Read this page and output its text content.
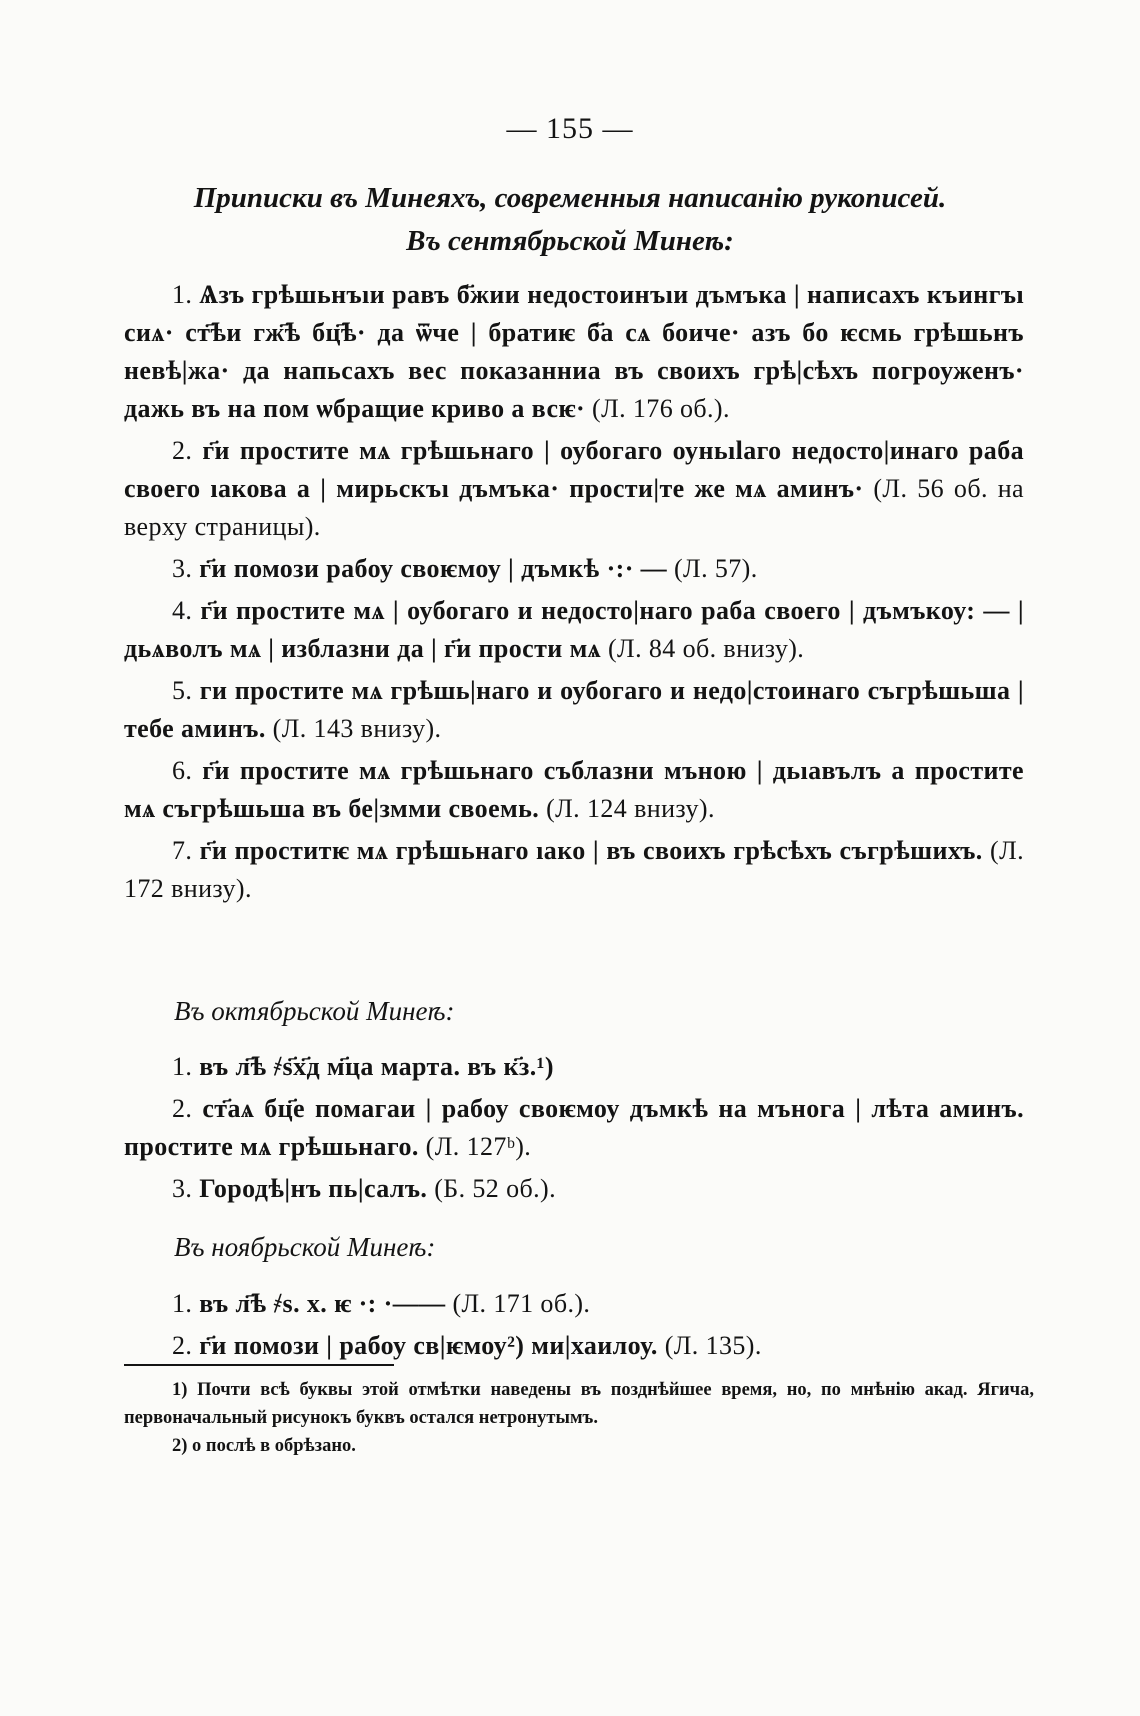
— 155 —
Приписки въ Минеяхъ, современныя написанію рукописей.
Въ сентябрьской Минеѣ:

1. Ѧзъ грѣшьнъıи равъ б҃жии недостоинъıи дъмъка | написахъ къингъı сиѧ· ст҃ѣи гж҃ѣ бц҃ѣ· да ѿче | братиѥ б҃а сѧ боиче· азъ бо ѥсмь грѣшьнъ невѣ|жа· да напьсахъ вес показанниа въ своихъ грѣ|сѣхъ погроуженъ· дажь въ на пом ѡбращие криво а всѥ· (Л. 176 об.).

2. г҃и простите мѧ грѣшьнаго | оубогаго оуньılаго недосто|инаго раба своего ıакова а | мирьскъı дъмъка· прости|те же мѧ аминъ· (Л. 56 об. на верху страницы).

3. г҃и помози рабоу своѥмоу | дъмкѣ ·:· — (Л. 57).

4. г҃и простите мѧ | оубогаго и недосто|наго раба своего | дъмъкоу: — | дьѧволъ мѧ | изблазни да | г҃и прости мѧ (Л. 84 об. внизу).

5. ги простите мѧ грѣшь|наго и оубогаго и недо|стоинаго съгрѣшьша | тебе аминъ. (Л. 143 внизу).

6. г҃и простите мѧ грѣшьнаго съблазни мъною | дьıавълъ а простите мѧ съгрѣшьша въ бе|змми своемь. (Л. 124 внизу).

7. г҃и проститѥ мѧ грѣшьнаго ıако | въ своихъ грѣсѣхъ съгрѣшихъ. (Л. 172 внизу).

Въ октябрьской Минеѣ:

1. въ л҃ѣ ҂ѕ҃х҃д м҃ца марта. въ к҃з.¹)

2. ст҃аѧ бц҃е помагаи | рабоу своѥмоу дъмкѣ на мънога | лѣта аминъ. простите мѧ грѣшьнаго. (Л. 127ᵇ).

3. Городѣ|нъ пь|салъ. (Б. 52 об.).

Въ ноябрьской Минеѣ:

1. въ л҃ѣ ҂ѕ. х. ѥ ·: ·—— (Л. 171 об.).

2. г҃и помози | рабоу св|ѥмоу²) ми|хаилоу. (Л. 135).

1) Почти всѣ буквы этой отмѣтки наведены въ позднѣйшее время, но, по мнѣнію акад. Ягича, первоначальный рисунокъ буквъ остался нетронутымъ.

2) о послѣ в обрѣзано.
